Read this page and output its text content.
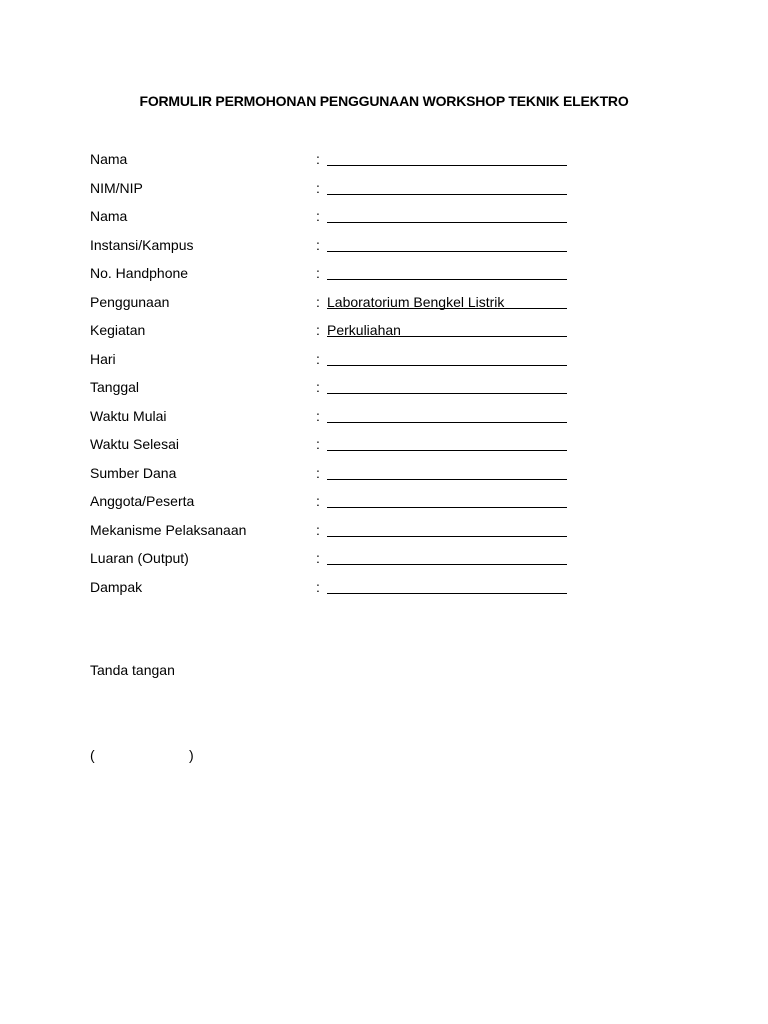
FORMULIR PERMOHONAN PENGGUNAAN WORKSHOP TEKNIK ELEKTRO
Nama	:
NIM/NIP	:
Nama	:
Instansi/Kampus	:
No. Handphone	:
Penggunaan	: Laboratorium Bengkel Listrik
Kegiatan	: Perkuliahan
Hari	:
Tanggal	:
Waktu Mulai	:
Waktu Selesai	:
Sumber Dana	:
Anggota/Peserta	:
Mekanisme Pelaksanaan	:
Luaran (Output)	:
Dampak	:
Tanda tangan
(	)
